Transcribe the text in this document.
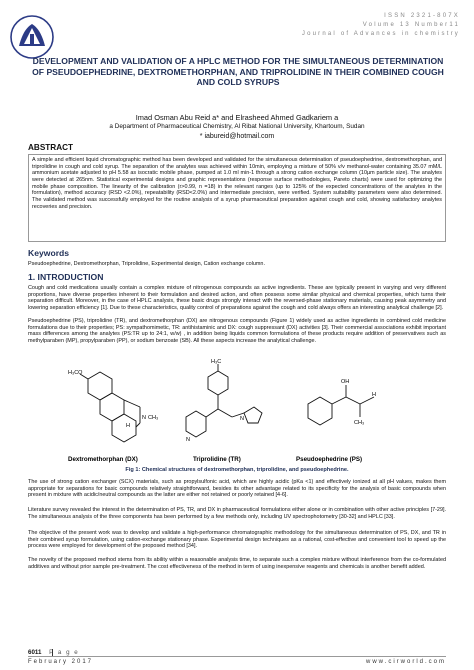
ISSN 2321-807X
Volume 13 Number11
Journal of Advances in chemistry
DEVELOPMENT AND VALIDATION OF A HPLC METHOD FOR THE SIMULTANEOUS DETERMINATION OF PSEUDOEPHEDRINE, DEXTROMETHORPHAN, AND TRIPROLIDINE IN THEIR COMBINED COUGH AND COLD SYRUPS
Imad Osman Abu Reid a* and Elrasheed Ahmed Gadkariem a
a Department of Pharmaceutical Chemistry, Al Ribat National University, Khartoum, Sudan
* iabureid@hotmail.com
ABSTRACT

A simple and efficient liquid chromatographic method has been developed and validated for the simultaneous determination of pseudoephedrine, dextromethorphan, and triprolidine in cough and cold syrup. The separation of the analytes was achieved within 10min, employing a mixture of 50% v/v methanol-water containing 35.07 mM/L ammonium acetate adjusted to pH 5.58 as isocratic mobile phase, pumped at 1.0 ml min-1 through a strong cation exchange column (10µm particle size). The analytes were detected at 265nm. Statistical experimental designs and graphic representations (response surface methodologies, Pareto charts) were used for optimizing the mobile phase composition. The linearity of the calibration (r>0.99, n =18) in the relevant ranges (up to 125% of the expected concentrations of the analytes in the formulation), method accuracy (RSD <2.0%), repeatability (RSD<2.0%) and intermediate precision, were verified. System suitability parameters were also determined. The validated method was successfully employed for the routine analysis of a syrup pharmaceutical preparation against cough and cold, showing satisfactory analytes recoveries and precision.

Keywords
Pseudoephedrine, Dextromethorphan, Triprolidine, Experimental design, Cation exchange column.
1. INTRODUCTION
Cough and cold medications usually contain a complex mixture of nitrogenous compounds as active ingredients. These are typically present in varying and very different proportions, have diverse properties inherent to their formulation and desired action, and often possess some similar physical and chemical properties, which turns their separation difficult. Moreover, in the case of HPLC analysis, these basic drugs strongly interact with the reversed-phase stationary materials, causing peak asymmetry and lowering separation efficiency [1]. Due to these characteristics, quality control of preparations against the cough and cold always offers an interesting analytical challenge [2].
Pseudoephedrine (PS), triprolidine (TR), and dextromethorphan (DX) are nitrogenous compounds (Figure 1) widely used as active ingredients in combined cold medicine formulations due to their properties; PS: sympathomimetic, TR: antihistaminic and DX: cough suppressant (DX) activities [3]. Their commercial associations exhibit important mass differences among the analytes (PS:TR up to 24:1, w/w) , in addition being liquids common formulations of these products require addition of preservatives such as methylparaben (MP), propylparaben (PP), or sodium benzoate (SB). All these aspects increase the analytical challenge.
H₃CO
H
N CH₃
H₃C
N
N
OH
H
CH₃
Dextromethorphan (DX)	Triprolidine (TR)	Pseudoephedrine (PS)
Fig 1: Chemical structures of dextromethorphan, triprolidine, and pseudoephedrine.
The use of strong cation exchanger (SCX) materials, such as propylsulfonic acid, which are highly acidic (pKa <1) and effectively ionized at all pH values, makes them appropriate for separations for basic compounds relatively straightforward, besides its other advantage related to its specificity for the analysis of basic compounds when present in mixture with acidic/neutral compounds as the latter are either not retained or poorly retained [4-6].
Literature survey revealed the interest in the determination of PS, TR, and DX in pharmaceutical formulations either alone or in combination with other active principles [7-29]. The simultaneous analysis of the three components has been performed by a few methods only, including UV spectrophotometry [30-32] and HPLC [33].
The objective of the present work was to develop and validate a high-performance chromatographic methodology for the simultaneous determination of PS, DX, and TR in their combined syrup formulation, using cation-exchange stationary phase. Experimental design techniques as a rational, cost-effective and convenient tool to speed up the process were employed for development of the proposed method [34].
The novelty of the proposed method stems from its ability within a reasonable analysis time, to separate such a complex mixture without interference from the co-formulated additives and without prior sample pre-treatment. The cost effectiveness of the method in term of using inexpensive reagents and chemicals is another benefit added.
6011 P a g e
February 2017	www.cirworld.com
